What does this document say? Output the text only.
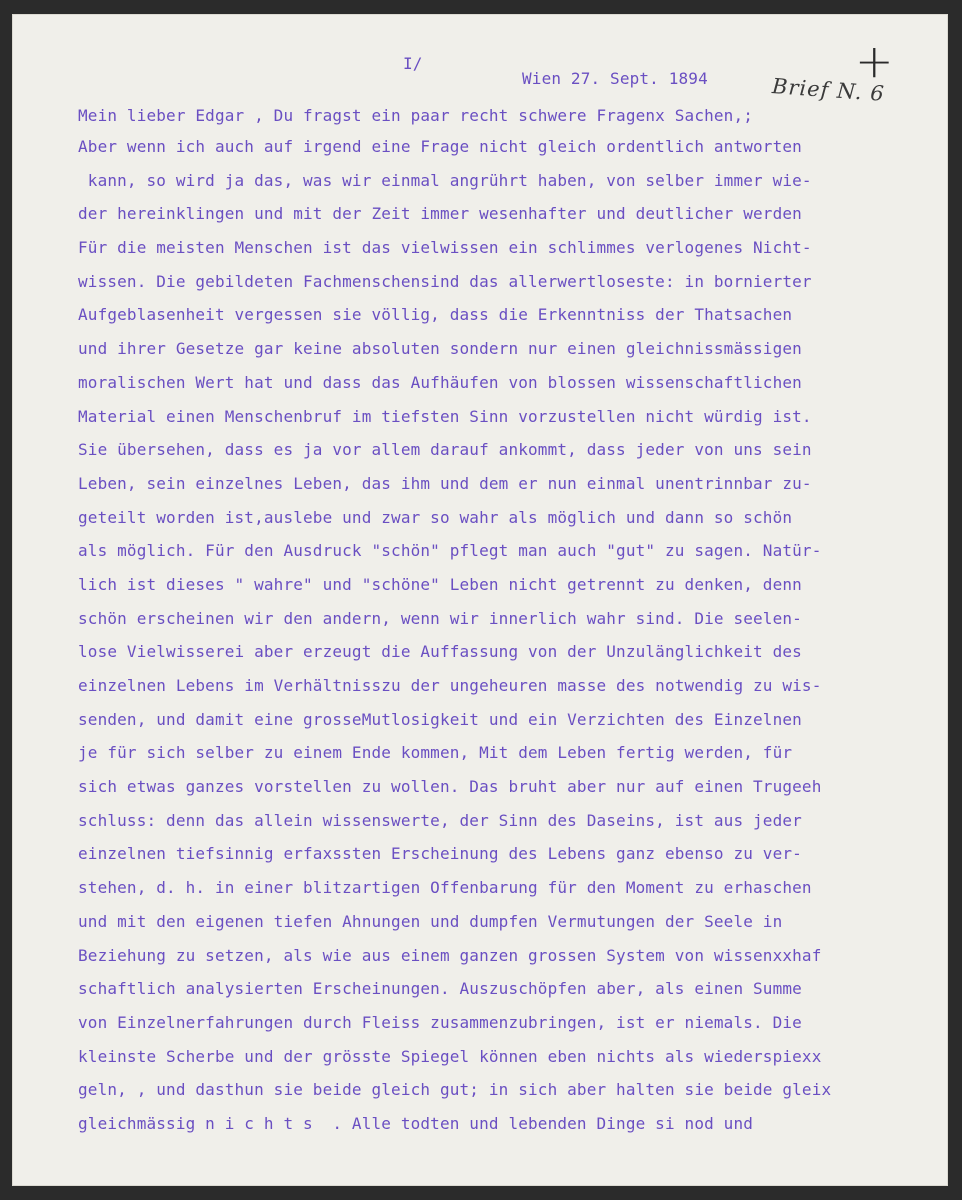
+
I/
Wien 27. Sept. 1894	Brief N. 6
Mein lieber Edgar , Du fragst ein paar recht schwere Fragenx Sachen,;
Aber wenn ich auch auf irgend eine Frage nicht gleich ordentlich antworten
kann, so wird ja das, was wir einmal angrührt haben, von selber immer wie-
der hereinklingen und mit der Zeit immer wesenhafter und deutlicher werden
Für die meisten Menschen ist das vielwissen ein schlimmes verlogenes Nicht-
wissen. Die gebildeten Fachmenschensind das allerwertloseste: in bornierter
Aufgeblasenheit vergessen sie völlig, dass die Erkenntniss der Thatsachen
und ihrer Gesetze gar keine absoluten sondern nur einen gleichnissmässigen
moralischen Wert hat und dass das Aufhäufen von blossen wissenschaftlichen
Material einen Menschenbruf im tiefsten Sinn vorzustellen nicht würdig ist.
Sie übersehen, dass es ja vor allem darauf ankommt, dass jeder von uns sein
Leben, sein einzelnes Leben, das ihm und dem er nun einmal unentrinnbar zu-
geteilt worden ist,auslebe und zwar so wahr als möglich und dann so schön
als möglich. Für den Ausdruck "schön" pflegt man auch "gut" zu sagen. Natür-
lich ist dieses " wahre" und "schöne" Leben nicht getrennt zu denken, denn
schön erscheinen wir den andern, wenn wir innerlich wahr sind. Die seelen-
lose Vielwisserei aber erzeugt die Auffassung von der Unzulänglichkeit des
einzelnen Lebens im Verhältnisszu der ungeheuren masse des notwendig zu wis-
senden, und damit eine grosseMutlosigkeit und ein Verzichten des Einzelnen
je für sich selber zu einem Ende kommen, Mit dem Leben fertig werden, für
sich etwas ganzes vorstellen zu wollen. Das bruht aber nur auf einen Trugeeh
schluss: denn das allein wissenswerte, der Sinn des Daseins, ist aus jeder
einzelnen tiefsinnig erfaxssten Erscheinung des Lebens ganz ebenso zu ver-
stehen, d. h. in einer blitzartigen Offenbarung für den Moment zu erhaschen
und mit den eigenen tiefen Ahnungen und dumpfen Vermutungen der Seele in
Beziehung zu setzen, als wie aus einem ganzen grossen System von wissenxxhaf
schaftlich analysierten Erscheinungen. Auszuschöpfen aber, als einen Summe
von Einzelnerfahrungen durch Fleiss zusammenzubringen, ist er niemals. Die
kleinste Scherbe und der grösste Spiegel können eben nichts als wiederspiexx
geln, , und dasthun sie beide gleich gut; in sich aber halten sie beide gleix
gleichmässig n i c h t s  . Alle todten und lebenden Dinge si nod und
